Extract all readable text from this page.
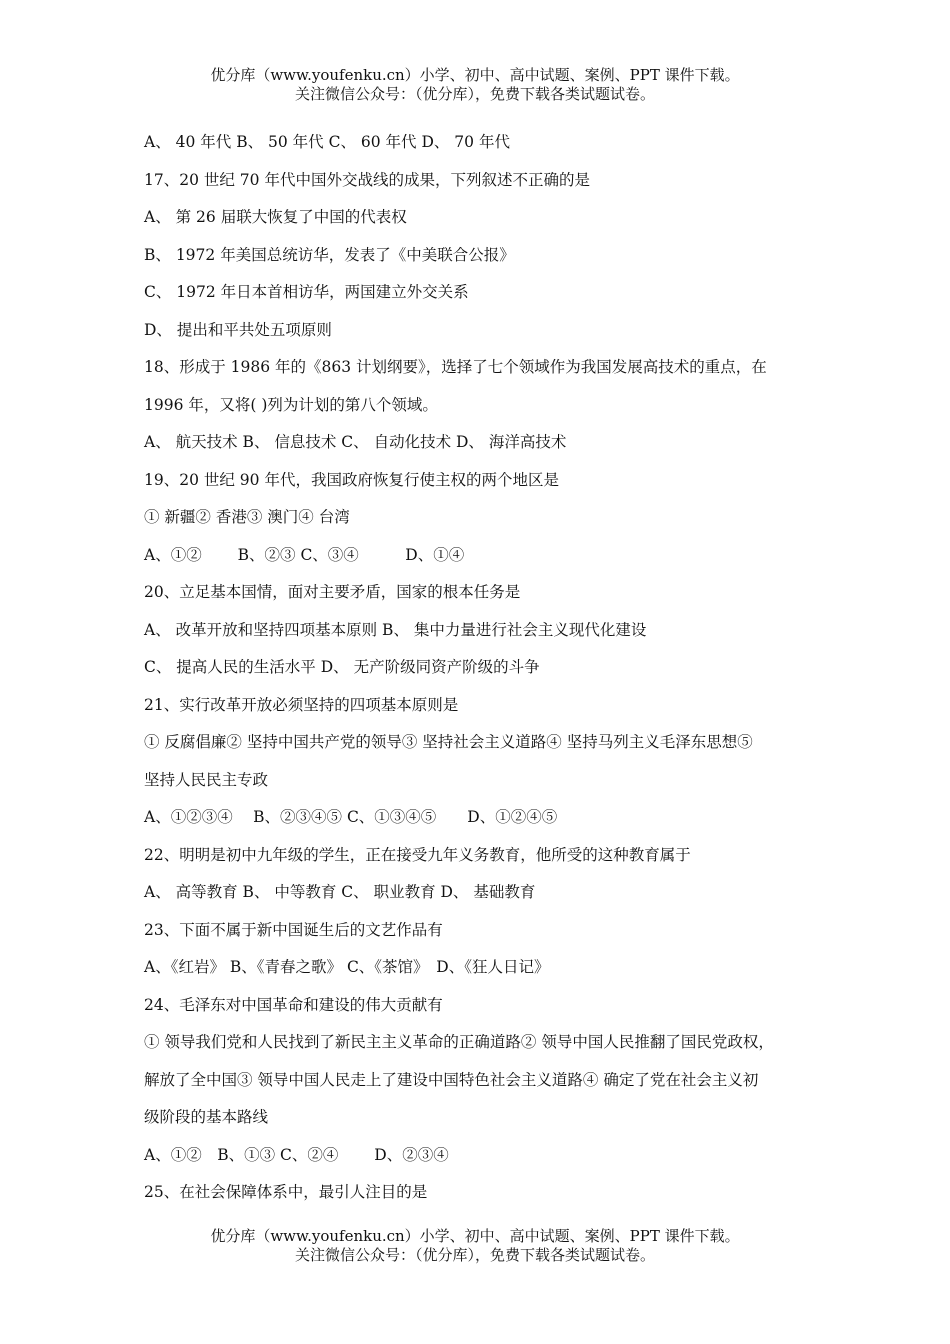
优分库（www.youfenku.cn）小学、初中、高中试题、案例、PPT 课件下载。
关注微信公众号：（优分库），免费下载各类试题试卷。
A、 40 年代 B、 50 年代 C、 60 年代 D、 70 年代
17、20 世纪 70 年代中国外交战线的成果，下列叙述不正确的是
A、 第 26 届联大恢复了中国的代表权
B、 1972 年美国总统访华，发表了《中美联合公报》
C、 1972 年日本首相访华，两国建立外交关系
D、 提出和平共处五项原则
18、形成于 1986 年的《863 计划纲要》，选择了七个领域作为我国发展高技术的重点，在
1996 年，又将( )列为计划的第八个领域。
A、 航天技术 B、 信息技术 C、 自动化技术 D、 海洋高技术
19、20 世纪 90 年代，我国政府恢复行使主权的两个地区是
① 新疆② 香港③ 澳门④ 台湾
A、①②　　 B、②③ C、③④　　　D、①④
20、立足基本国情，面对主要矛盾，国家的根本任务是
A、 改革开放和坚持四项基本原则 B、 集中力量进行社会主义现代化建设
C、 提高人民的生活水平 D、 无产阶级同资产阶级的斗争
21、实行改革开放必须坚持的四项基本原则是
① 反腐倡廉② 坚持中国共产党的领导③ 坚持社会主义道路④ 坚持马列主义毛泽东思想⑤
坚持人民民主专政
A、①②③④　 B、②③④⑤ C、①③④⑤　　D、①②④⑤
22、明明是初中九年级的学生，正在接受九年义务教育，他所受的这种教育属于
A、 高等教育 B、 中等教育 C、 职业教育 D、 基础教育
23、下面不属于新中国诞生后的文艺作品有
A、《红岩》 B、《青春之歌》 C、《茶馆》　D、《狂人日记》
24、毛泽东对中国革命和建设的伟大贡献有
① 领导我们党和人民找到了新民主主义革命的正确道路② 领导中国人民推翻了国民党政权，
解放了全中国③ 领导中国人民走上了建设中国特色社会主义道路④ 确定了党在社会主义初
级阶段的基本路线
A、①②　B、①③ C、②④　　 D、②③④
25、在社会保障体系中，最引人注目的是
优分库（www.youfenku.cn）小学、初中、高中试题、案例、PPT 课件下载。
关注微信公众号：（优分库），免费下载各类试题试卷。
